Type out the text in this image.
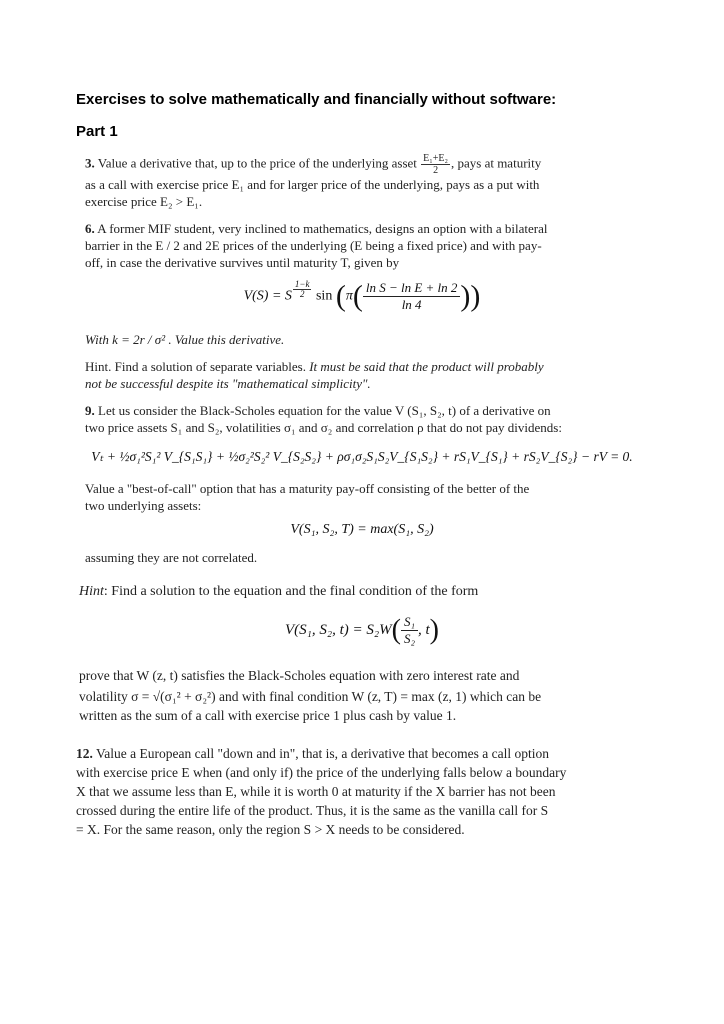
Exercises to solve mathematically and financially without software:
Part 1

3. Value a derivative that, up to the price of the underlying asset $\frac{\text{E₁+E₂}}{2}$ , pays at maturity

as a call with exercise price E₁ and for larger price of the underlying, pays as a put with

exercise price E₂ > E₁.

6. A former MIF student, very inclined to mathematics, designs an option with a bilateral

barrier in the E / 2 and 2E prices of the underlying (E being a fixed price) and with pay-

off, in case the derivative survives until maturity T, given by

V(S) = S $\frac{1-k}{2}$ $\sin (\pi( \frac{\text{ln S − ln E + ln 2}}{\ln 4}$ ))

With k = 2r / σ² . Value this derivative.

Hint. Find a solution of separate variables. It must be said that the product will probably

not be successful despite its "mathematical simplicity".

9. Let us consider the Black-Scholes equation for the value V (S₁, S₂, t) of a derivative on

two price assets S₁ and S₂, volatilities σ₁ and σ₂ and correlation ρ that do not pay dividends:

Vₜ + ½σ₁²S₁² V_{S₁S₁} + ½σ₂²S₂² V_{S₂S₂} + ρσ₁σ₂S₁S₂V_{S₁S₂} + rS₁V_{S₁} + rS₂V_{S₂} − rV = 0.

Value a "best-of-call" option that has a maturity pay-off consisting of the better of the

two underlying assets:

V(S₁, S₂, T) = max(S₁, S₂)

assuming they are not correlated.

Hint: Find a solution to the equation and the final condition of the form

V(S₁, S₂, $t) = S_2W( \frac{\text{S₁}}{\text{S₂}}$ , t)

prove that W (z, t) satisfies the Black-Scholes equation with zero interest rate and

volatility σ = √(σ₁² + σ₂²) and with final condition W (z, T) = max (z, 1) which can be

written as the sum of a call with exercise price 1 plus cash by value 1.

12. Value a European call "down and in", that is, a derivative that becomes a call option

with exercise price E when (and only if) the price of the underlying falls below a boundary

X that we assume less than E, while it is worth 0 at maturity if the X barrier has not been

crossed during the entire life of the product. Thus, it is the same as the vanilla call for S

= X. For the same reason, only the region S > X needs to be considered.
